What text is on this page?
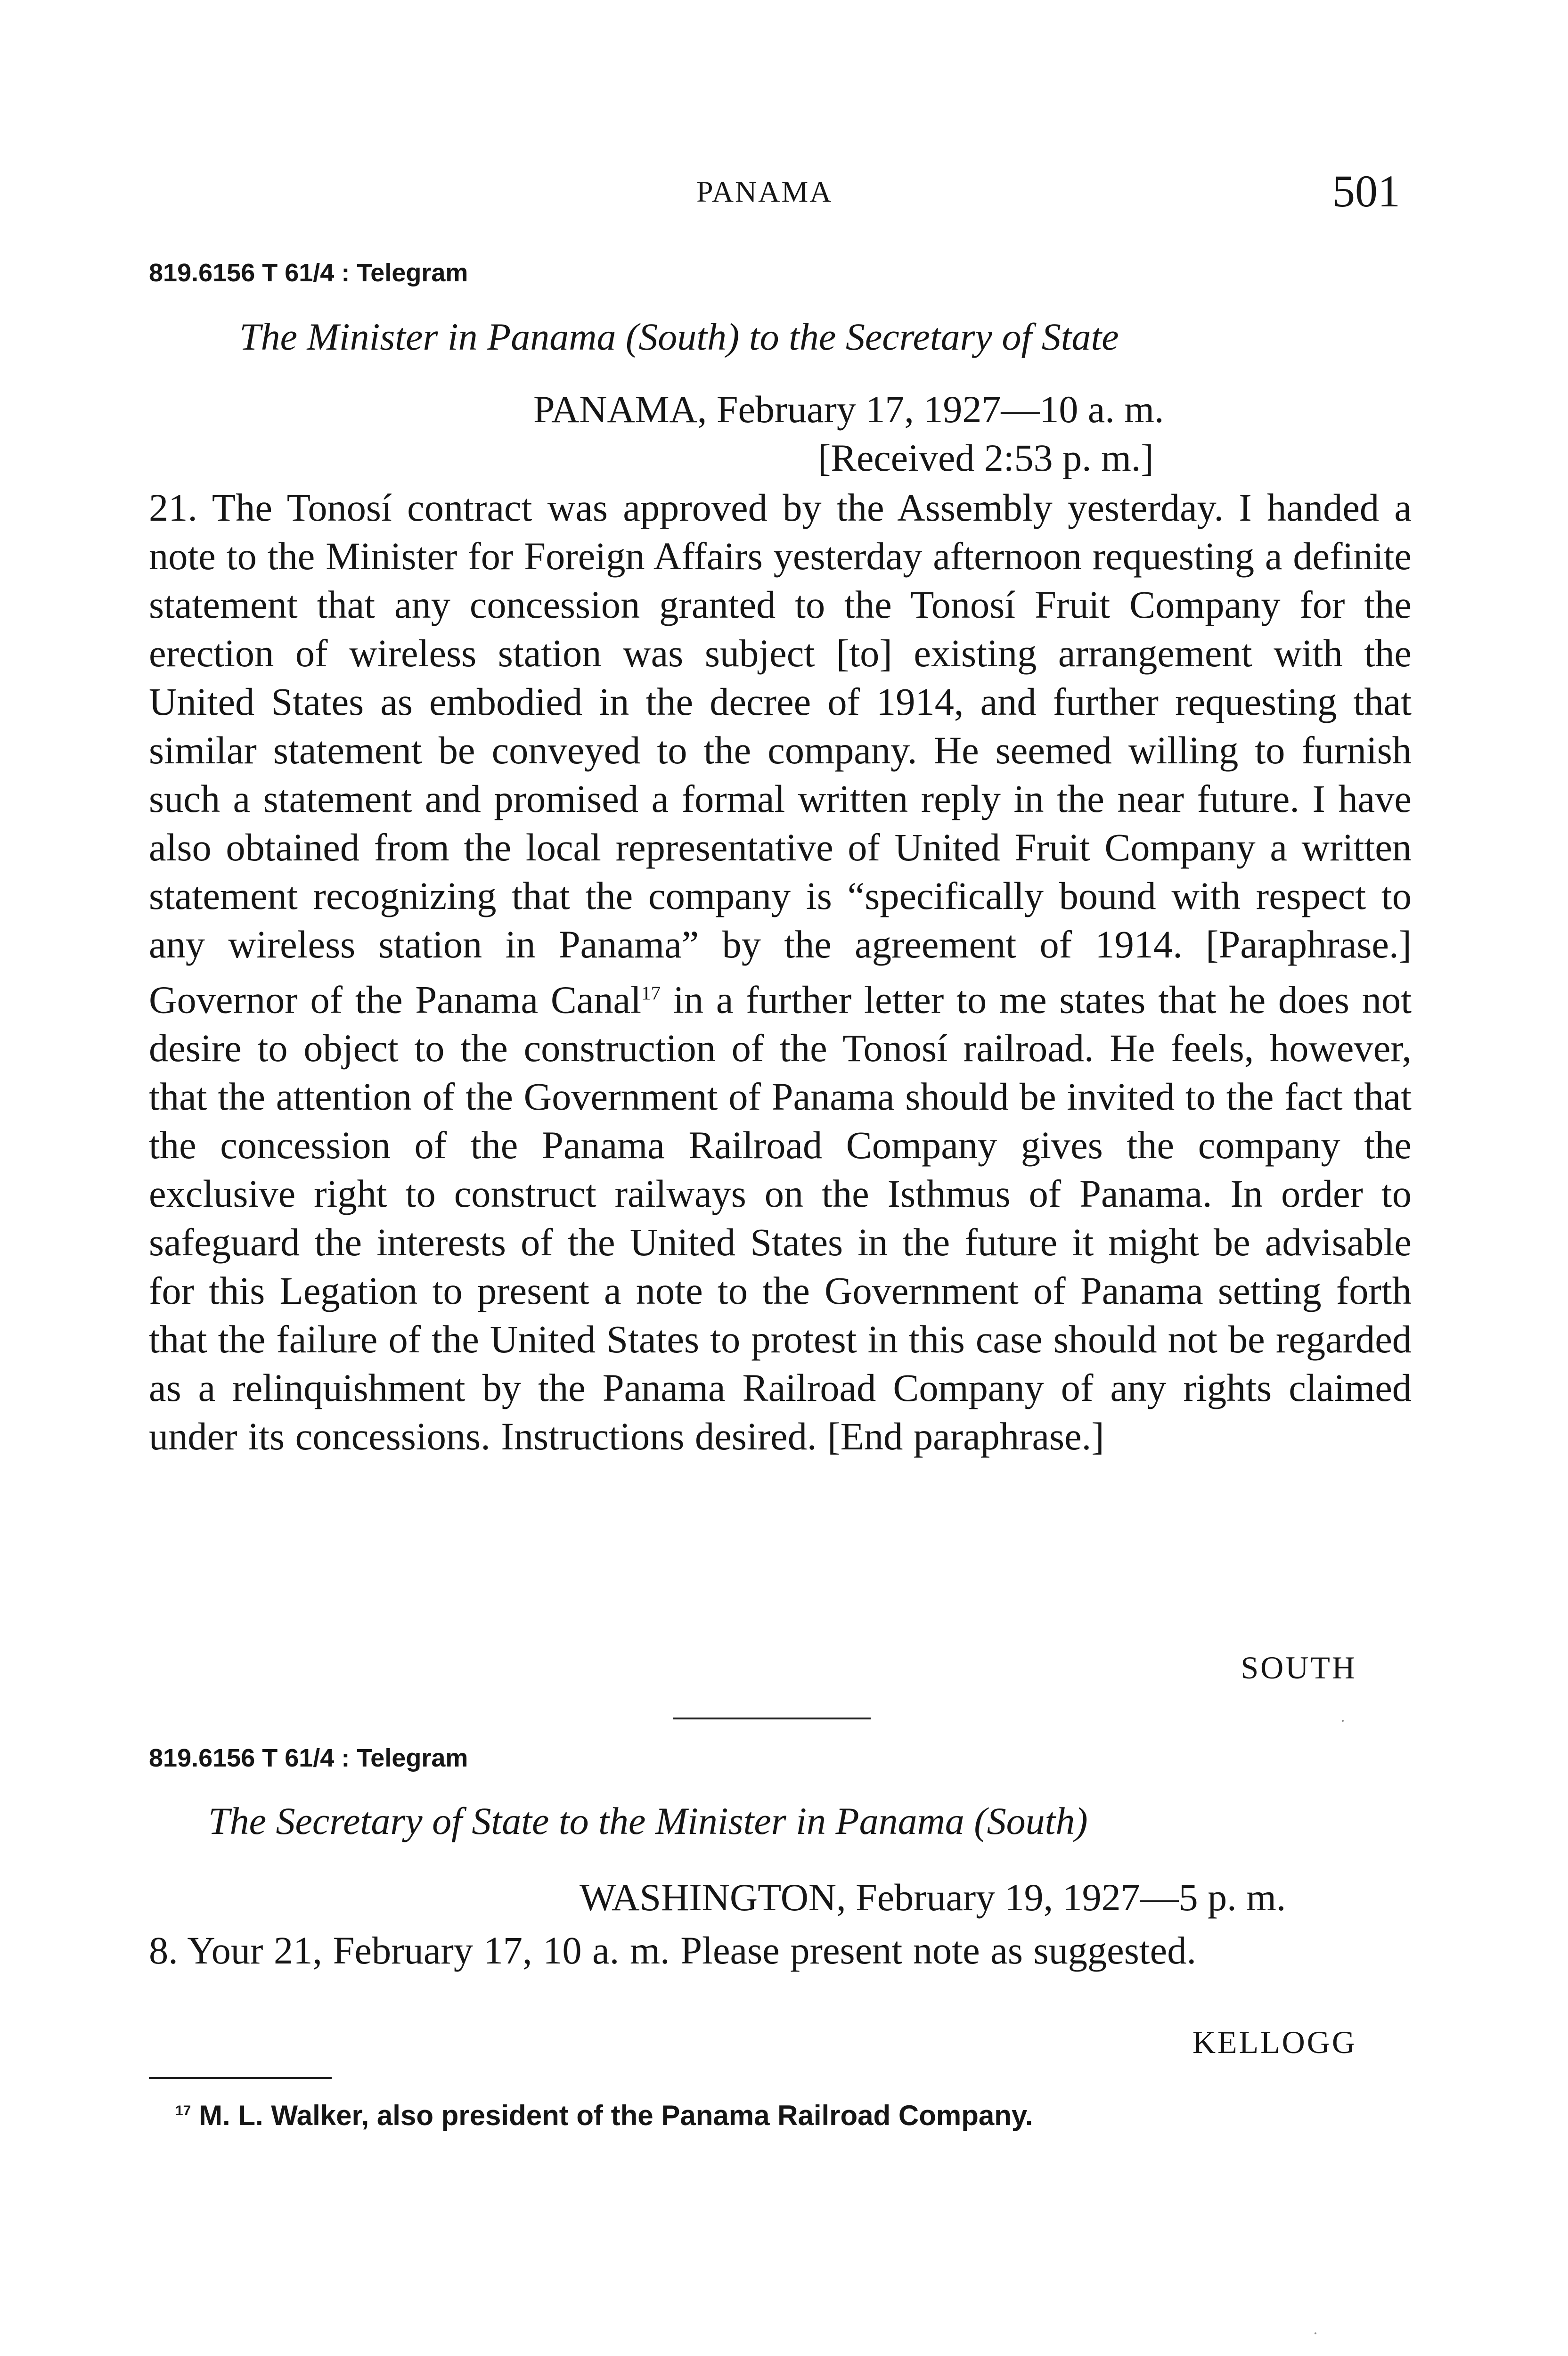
PANAMA	501
819.6156 T 61/4 : Telegram
The Minister in Panama (South) to the Secretary of State
PANAMA, February 17, 1927—10 a. m.
[Received 2:53 p. m.]
21. The Tonosí contract was approved by the Assembly yesterday. I handed a note to the Minister for Foreign Affairs yesterday afternoon requesting a definite statement that any concession granted to the Tonosí Fruit Company for the erection of wireless station was subject [to] existing arrangement with the United States as embodied in the decree of 1914, and further requesting that similar statement be conveyed to the company. He seemed willing to furnish such a statement and promised a formal written reply in the near future. I have also obtained from the local representative of United Fruit Company a written statement recognizing that the company is “specifically bound with respect to any wireless station in Panama” by the agreement of 1914. [Paraphrase.] Governor of the Panama Canal$^{17}$ in a further letter to me states that he does not desire to object to the construction of the Tonosí railroad. He feels, however, that the attention of the Government of Panama should be invited to the fact that the concession of the Panama Railroad Company gives the company the exclusive right to construct railways on the Isthmus of Panama. In order to safeguard the interests of the United States in the future it might be advisable for this Legation to present a note to the Government of Panama setting forth that the failure of the United States to protest in this case should not be regarded as a relinquishment by the Panama Railroad Company of any rights claimed under its concessions. Instructions desired. [End paraphrase.]
SOUTH
819.6156 T 61/4 : Telegram
The Secretary of State to the Minister in Panama (South)
WASHINGTON, February 19, 1927—5 p. m.
8. Your 21, February 17, 10 a. m. Please present note as suggested.
KELLOGG
$^{17}$ M. L. Walker, also president of the Panama Railroad Company.
